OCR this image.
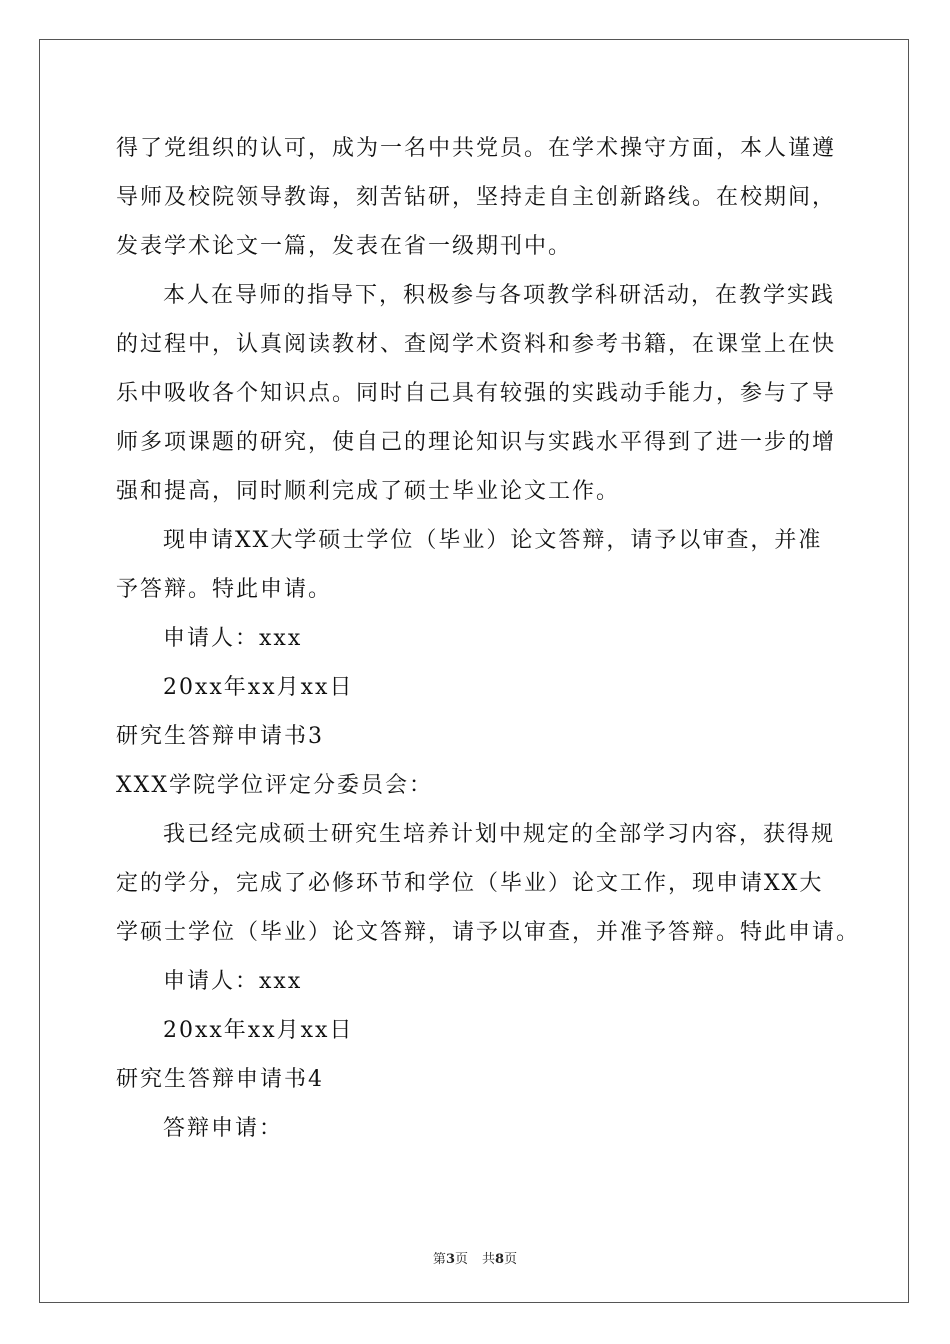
得了党组织的认可，成为一名中共党员。在学术操守方面，本人谨遵
导师及校院领导教诲，刻苦钻研，坚持走自主创新路线。在校期间，
发表学术论文一篇，发表在省一级期刊中。
本人在导师的指导下，积极参与各项教学科研活动，在教学实践
的过程中，认真阅读教材、查阅学术资料和参考书籍，在课堂上在快
乐中吸收各个知识点。同时自己具有较强的实践动手能力，参与了导
师多项课题的研究，使自己的理论知识与实践水平得到了进一步的增
强和提高，同时顺利完成了硕士毕业论文工作。
现申请XX大学硕士学位（毕业）论文答辩，请予以审查，并准
予答辩。特此申请。
申请人：xxx
20xx年xx月xx日
研究生答辩申请书3
XXX学院学位评定分委员会：
我已经完成硕士研究生培养计划中规定的全部学习内容，获得规
定的学分，完成了必修环节和学位（毕业）论文工作，现申请XX大
学硕士学位（毕业）论文答辩，请予以审查，并准予答辩。特此申请。
申请人：xxx
20xx年xx月xx日
研究生答辩申请书4
答辩申请：
第3页 共8页
